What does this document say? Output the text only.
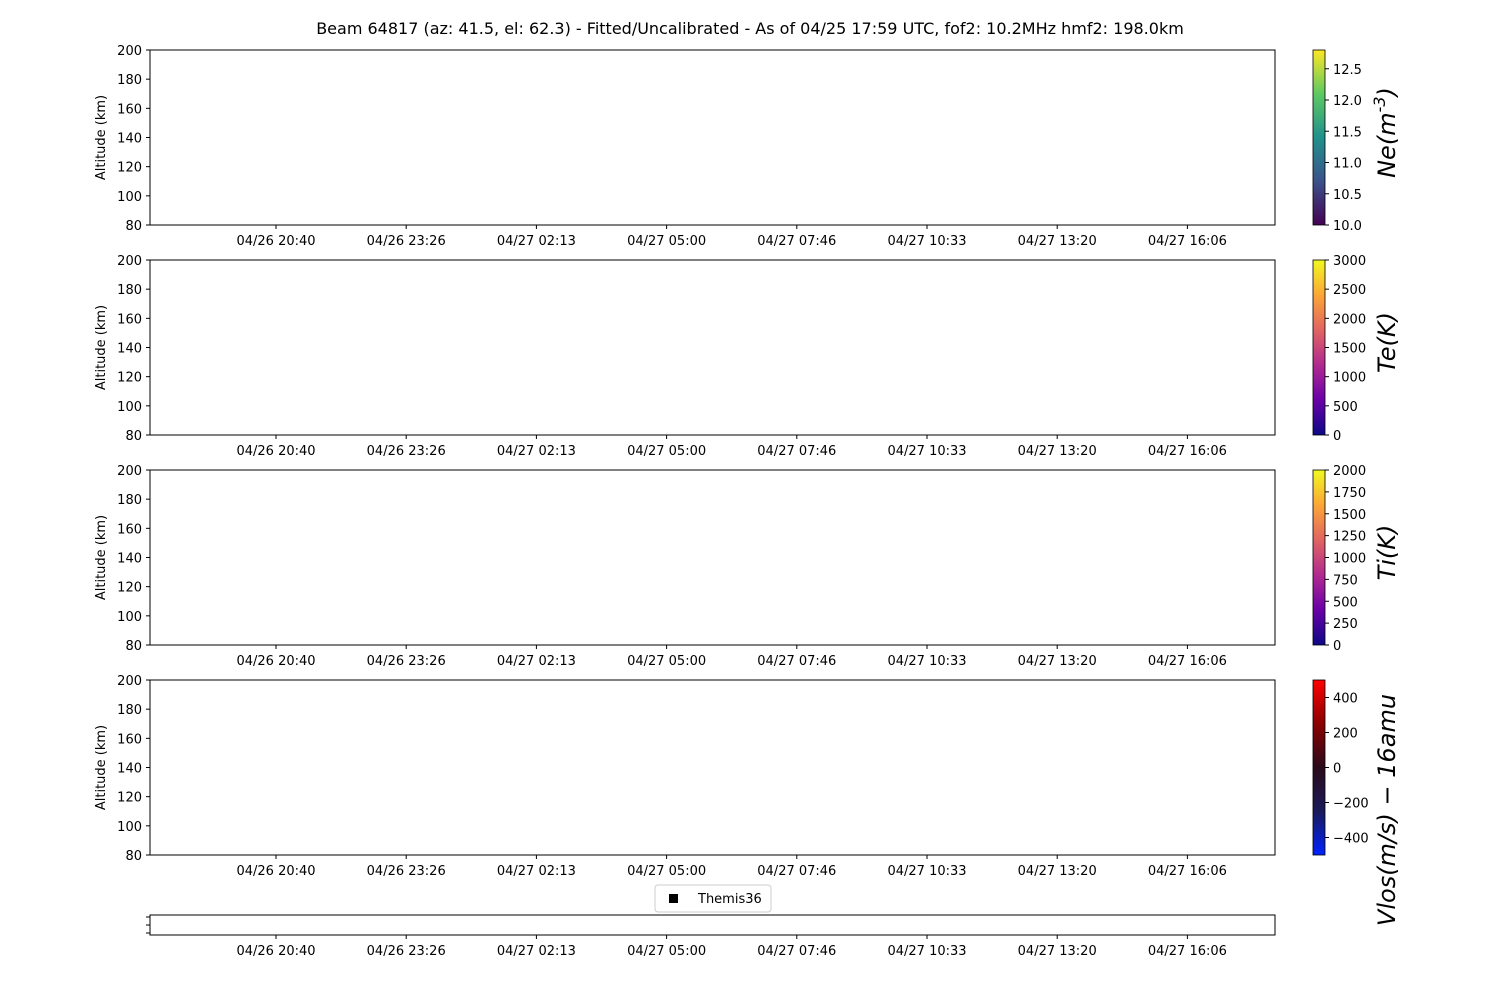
Beam 64817 (az: 41.5, el: 62.3) - Fitted/Uncalibrated - As of 04/25 17:59 UTC, fof2: 10.2MHz hmf2: 198.0km
80
100
120
140
160
180
200
Altitude (km)
04/26 20:40	04/26 23:26	04/27 02:13	04/27 05:00	04/27 07:46	04/27 10:33	04/27 13:20	04/27 16:06
10.0
10.5
11.0
11.5
12.0
12.5
$Ne(m^{-3})$
80
100
120
140
160
180
200
Altitude (km)
04/26 20:40	04/26 23:26	04/27 02:13	04/27 05:00	04/27 07:46	04/27 10:33	04/27 13:20	04/27 16:06
0
500
1000
1500
2000
2500
3000
Te(K)
80
100
120
140
160
180
200
Altitude (km)
04/26 20:40	04/26 23:26	04/27 02:13	04/27 05:00	04/27 07:46	04/27 10:33	04/27 13:20	04/27 16:06
0
250
500
750
1000
1250
1500
1750
2000
Ti(K)
80
100
120
140
160
180
200
Altitude (km)
04/26 20:40	04/26 23:26	04/27 02:13	04/27 05:00	04/27 07:46	04/27 10:33	04/27 13:20	04/27 16:06
−400
−200
0
200
400 Vlos(m/s) − 16amu
04/26 20:40	04/26 23:26	04/27 02:13	04/27 05:00	04/27 07:46	04/27 10:33	04/27 13:20	04/27 16:06
Themis36
